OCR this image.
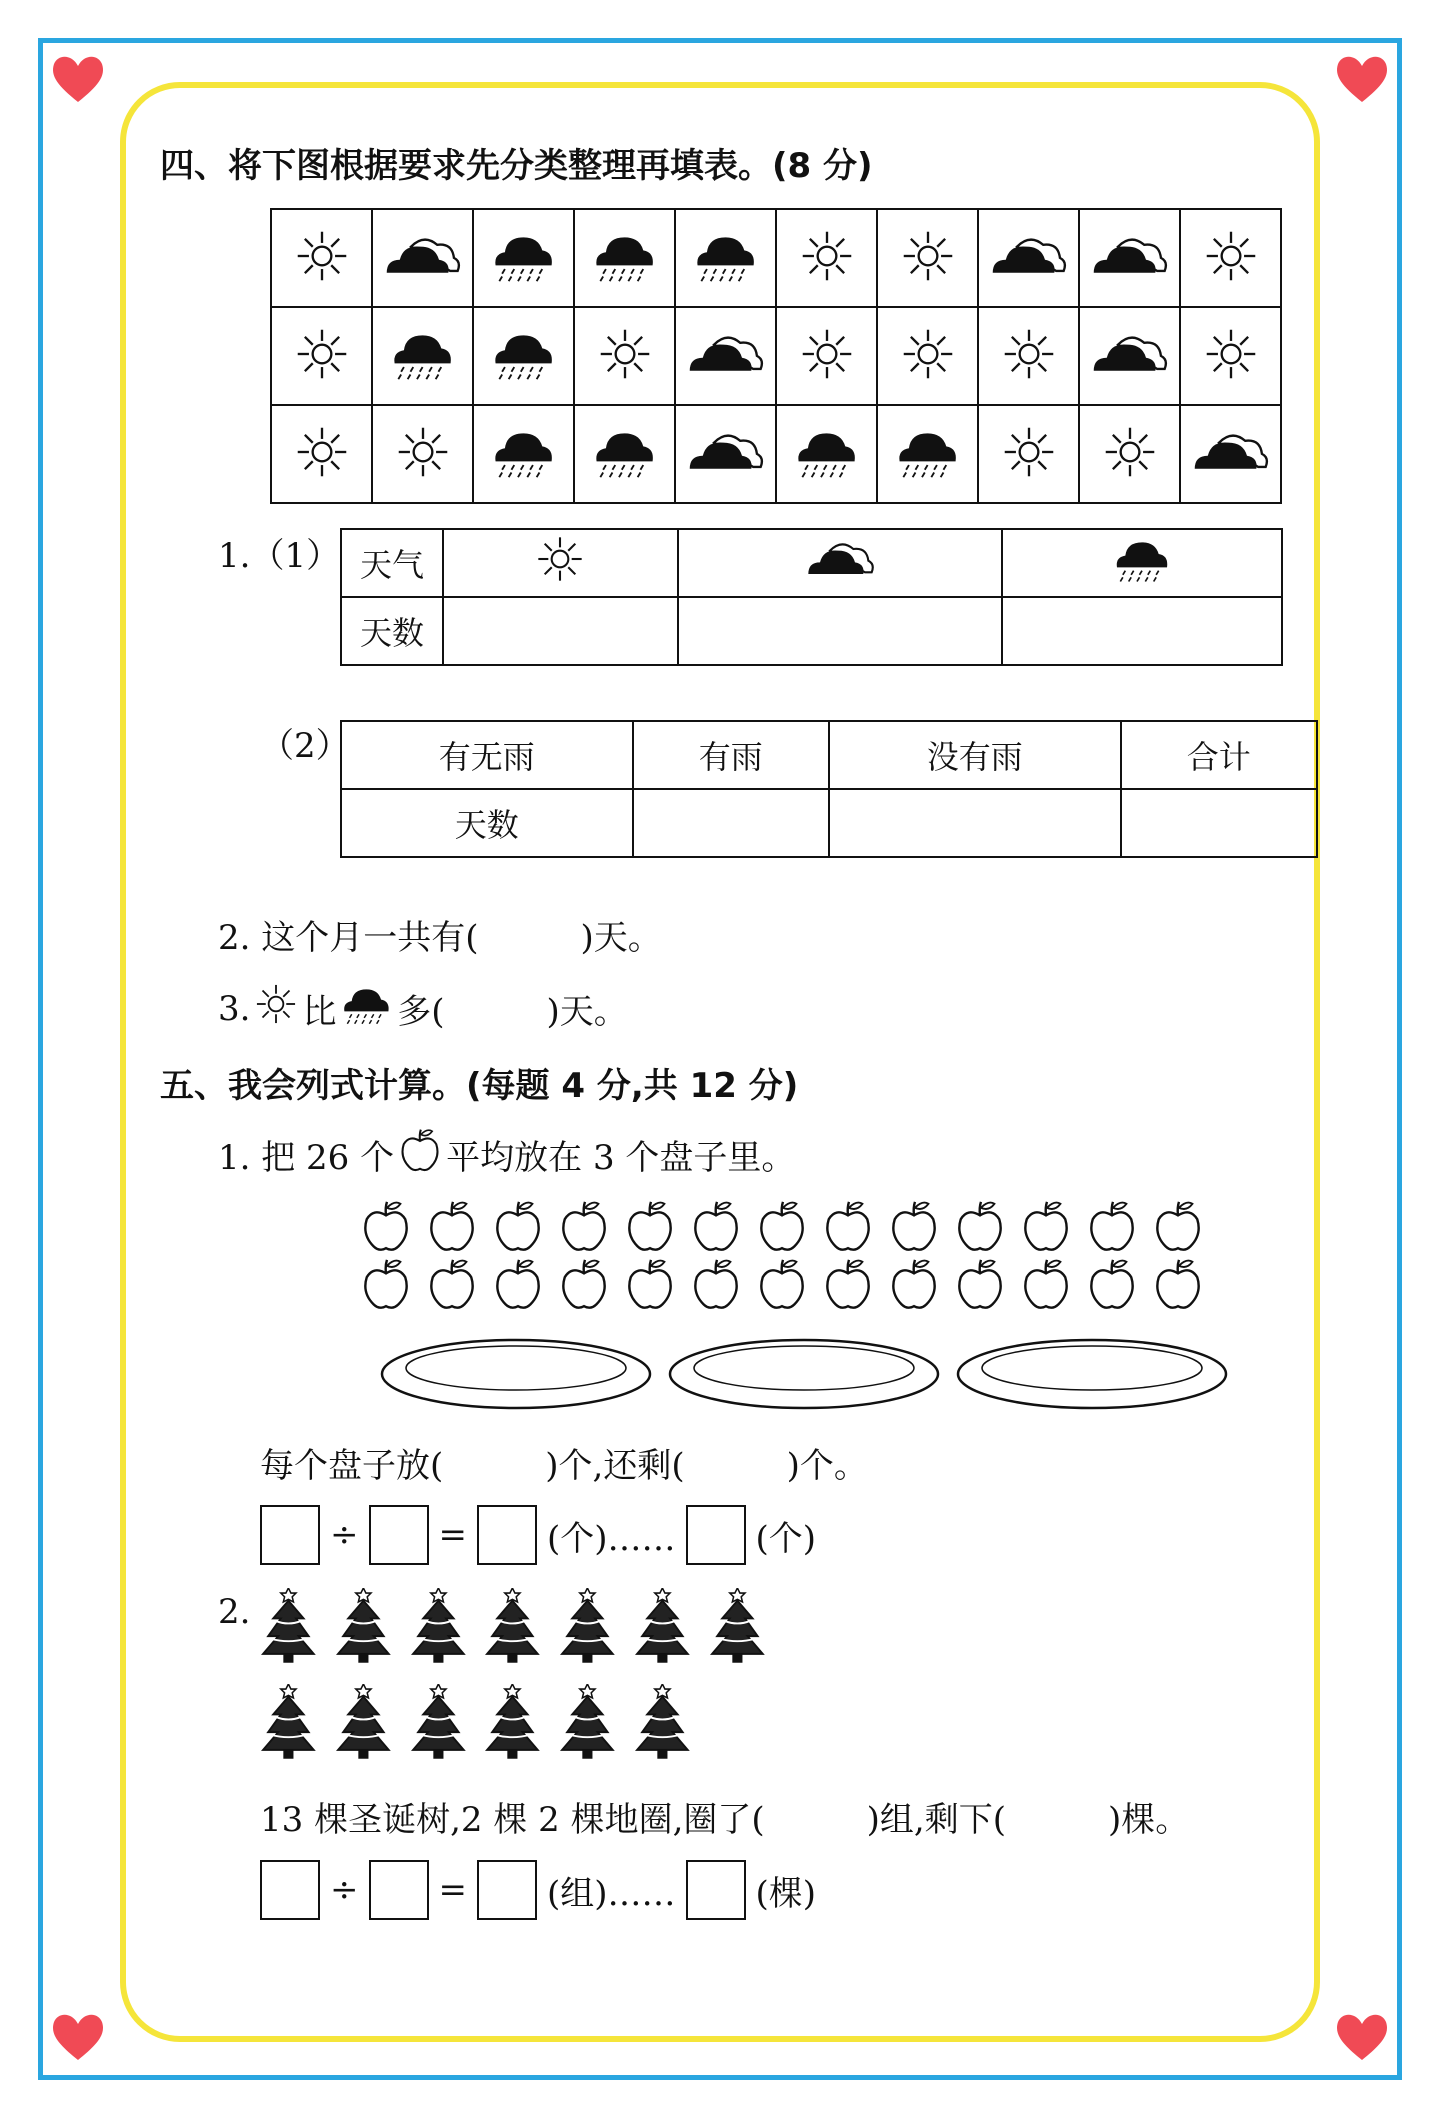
四、将下图根据要求先分类整理再填表。(8 分)

1.（1） 天气			
天数			
（2）	有无雨	有雨	没有雨	合计
天数			
2. 这个月一共有(　　　)天。
3. 比 多(　　　)天。
五、我会列式计算。(每题 4 分,共 12 分)
1. 把 26 个 平均放在 3 个盘子里。
每个盘子放(　　　)个,还剩(　　　)个。
÷ = (个)…… (个)
2.
13 棵圣诞树,2 棵 2 棵地圈,圈了(　　　)组,剩下(　　　)棵。
÷ = (组)…… (棵)
